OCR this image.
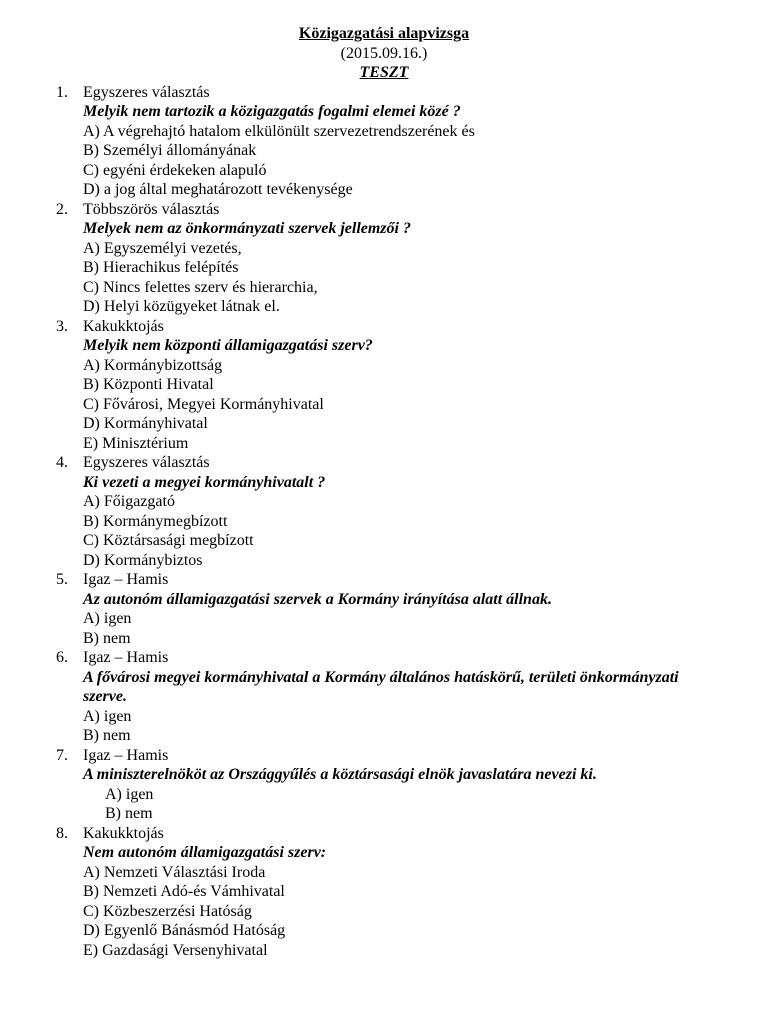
Közigazgatási alapvizsga
(2015.09.16.)
TESZT
1. Egyszeres választás
Melyik nem tartozik a közigazgatás fogalmi elemei közé ?
A) A végrehajtó hatalom elkülönült szervezetrendszerének és
B) Személyi állományának
C) egyéni érdekeken alapuló
D) a jog által meghatározott tevékenysége
2. Többszörös választás
Melyek nem az önkormányzati szervek jellemzői ?
A) Egyszemélyi vezetés,
B) Hierachikus felépítés
C) Nincs felettes szerv és hierarchia,
D) Helyi közügyeket látnak el.
3. Kakukktojás
Melyik nem központi államigazgatási szerv?
A) Kormánybizottság
B) Központi Hivatal
C) Fővárosi, Megyei Kormányhivatal
D) Kormányhivatal
E) Minisztérium
4. Egyszeres választás
Ki vezeti a megyei kormányhivatalt ?
A) Főigazgató
B) Kormánymegbízott
C) Köztársasági megbízott
D) Kormánybiztos
5. Igaz – Hamis
Az autonóm államigazgatási szervek a Kormány irányítása alatt állnak.
A) igen
B) nem
6. Igaz – Hamis
A fővárosi megyei kormányhivatal a Kormány általános hatáskörű, területi önkormányzati szerve.
A) igen
B) nem
7. Igaz – Hamis
A miniszterelnököt az Országgyűlés a köztársasági elnök javaslatára nevezi ki.
A) igen
B) nem
8. Kakukktojás
Nem autonóm államigazgatási szerv:
A) Nemzeti Választási Iroda
B) Nemzeti Adó-és Vámhivatal
C) Közbeszerzési Hatóság
D) Egyenlő Bánásmód Hatóság
E) Gazdasági Versenyhivatal
